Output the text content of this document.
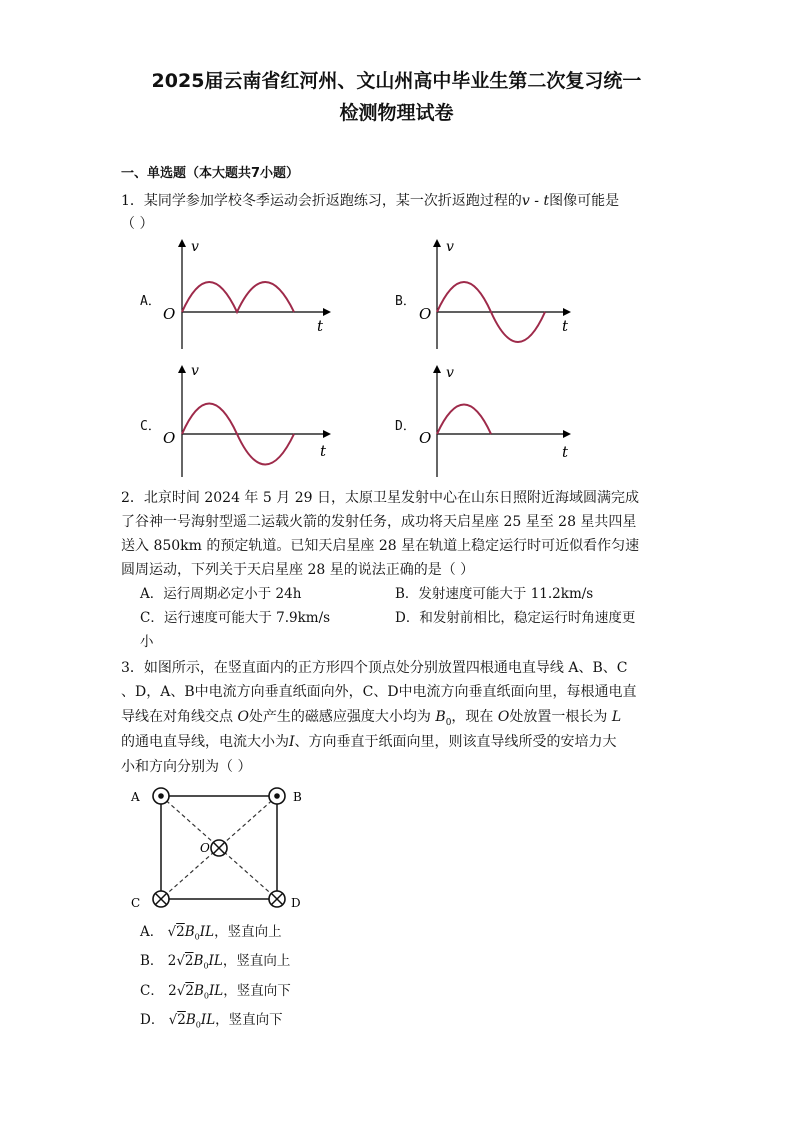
2025届云南省红河州、文山州高中毕业生第二次复习统一
检测物理试卷
一、单选题（本大题共7小题）
1．某同学参加学校冬季运动会折返跑练习，某一次折返跑过程的v - t图像可能是
（ ）
A．	B．
C．	D．
v
O
t
v
O
t
v
O
t
v
O
t
2．北京时间 2024 年 5 月 29 日，太原卫星发射中心在山东日照附近海域圆满完成
了谷神一号海射型遥二运载火箭的发射任务，成功将天启星座 25 星至 28 星共四星
送入 850km 的预定轨道。已知天启星座 28 星在轨道上稳定运行时可近似看作匀速
圆周运动，下列关于天启星座 28 星的说法正确的是（ ）
A．运行周期必定小于 24h	B．发射速度可能大于 11.2km/s
C．运行速度可能大于 7.9km/s	D．和发射前相比，稳定运行时角速度更
小
3．如图所示，在竖直面内的正方形四个顶点处分别放置四根通电直导线 A、B、C
、D，A、B中电流方向垂直纸面向外，C、D中电流方向垂直纸面向里，每根通电直
导线在对角线交点 O处产生的磁感应强度大小均为 $B_0$，现在 O处放置一根长为 L
的通电直导线，电流大小为I、方向垂直于纸面向里，则该直导线所受的安培力大
小和方向分别为（ ）
A	B
C	D
O
A． $√2B_0IL$，竖直向上
B． $2√2B_0IL$，竖直向上
C． $2√2B_0IL$，竖直向下
D． $√2B_0IL$，竖直向下
